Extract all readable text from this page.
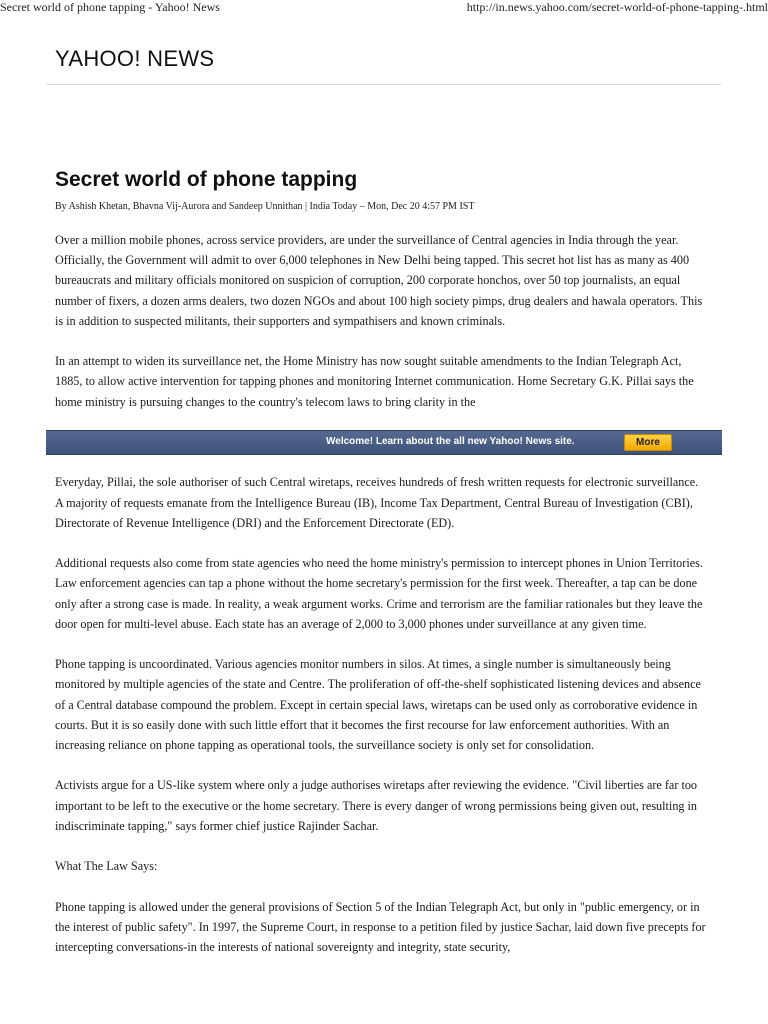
Secret world of phone tapping - Yahoo! News	http://in.news.yahoo.com/secret-world-of-phone-tapping-.html
YAHOO! NEWS
Secret world of phone tapping
By Ashish Khetan, Bhavna Vij-Aurora and Sandeep Unnithan | India Today – Mon, Dec 20 4:57 PM IST

Over a million mobile phones, across service providers, are under the surveillance of Central agencies in India through the year. Officially, the Government will admit to over 6,000 telephones in New Delhi being tapped. This secret hot list has as many as 400 bureaucrats and military officials monitored on suspicion of corruption, 200 corporate honchos, over 50 top journalists, an equal number of fixers, a dozen arms dealers, two dozen NGOs and about 100 high society pimps, drug dealers and hawala operators. This is in addition to suspected militants, their supporters and sympathisers and known criminals.

In an attempt to widen its surveillance net, the Home Ministry has now sought suitable amendments to the Indian Telegraph Act, 1885, to allow active intervention for tapping phones and monitoring Internet communication. Home Secretary G.K. Pillai says the home ministry is pursuing changes to the country's telecom laws to bring clarity in the

Everyday, Pillai, the sole authoriser of such Central wiretaps, receives hundreds of fresh written requests for electronic surveillance. A majority of requests emanate from the Intelligence Bureau (IB), Income Tax Department, Central Bureau of Investigation (CBI), Directorate of Revenue Intelligence (DRI) and the Enforcement Directorate (ED).

Additional requests also come from state agencies who need the home ministry's permission to intercept phones in Union Territories. Law enforcement agencies can tap a phone without the home secretary's permission for the first week. Thereafter, a tap can be done only after a strong case is made. In reality, a weak argument works. Crime and terrorism are the familiar rationales but they leave the door open for multi-level abuse. Each state has an average of 2,000 to 3,000 phones under surveillance at any given time.

Phone tapping is uncoordinated. Various agencies monitor numbers in silos. At times, a single number is simultaneously being monitored by multiple agencies of the state and Centre. The proliferation of off-the-shelf sophisticated listening devices and absence of a Central database compound the problem. Except in certain special laws, wiretaps can be used only as corroborative evidence in courts. But it is so easily done with such little effort that it becomes the first recourse for law enforcement authorities. With an increasing reliance on phone tapping as operational tools, the surveillance society is only set for consolidation.

Activists argue for a US-like system where only a judge authorises wiretaps after reviewing the evidence. "Civil liberties are far too important to be left to the executive or the home secretary. There is every danger of wrong permissions being given out, resulting in indiscriminate tapping," says former chief justice Rajinder Sachar.

What The Law Says:

Phone tapping is allowed under the general provisions of Section 5 of the Indian Telegraph Act, but only in "public emergency, or in the interest of public safety". In 1997, the Supreme Court, in response to a petition filed by justice Sachar, laid down five precepts for intercepting conversations-in the interests of national sovereignty and integrity, state security,

Welcome! Learn about the all new Yahoo! News site.	More
